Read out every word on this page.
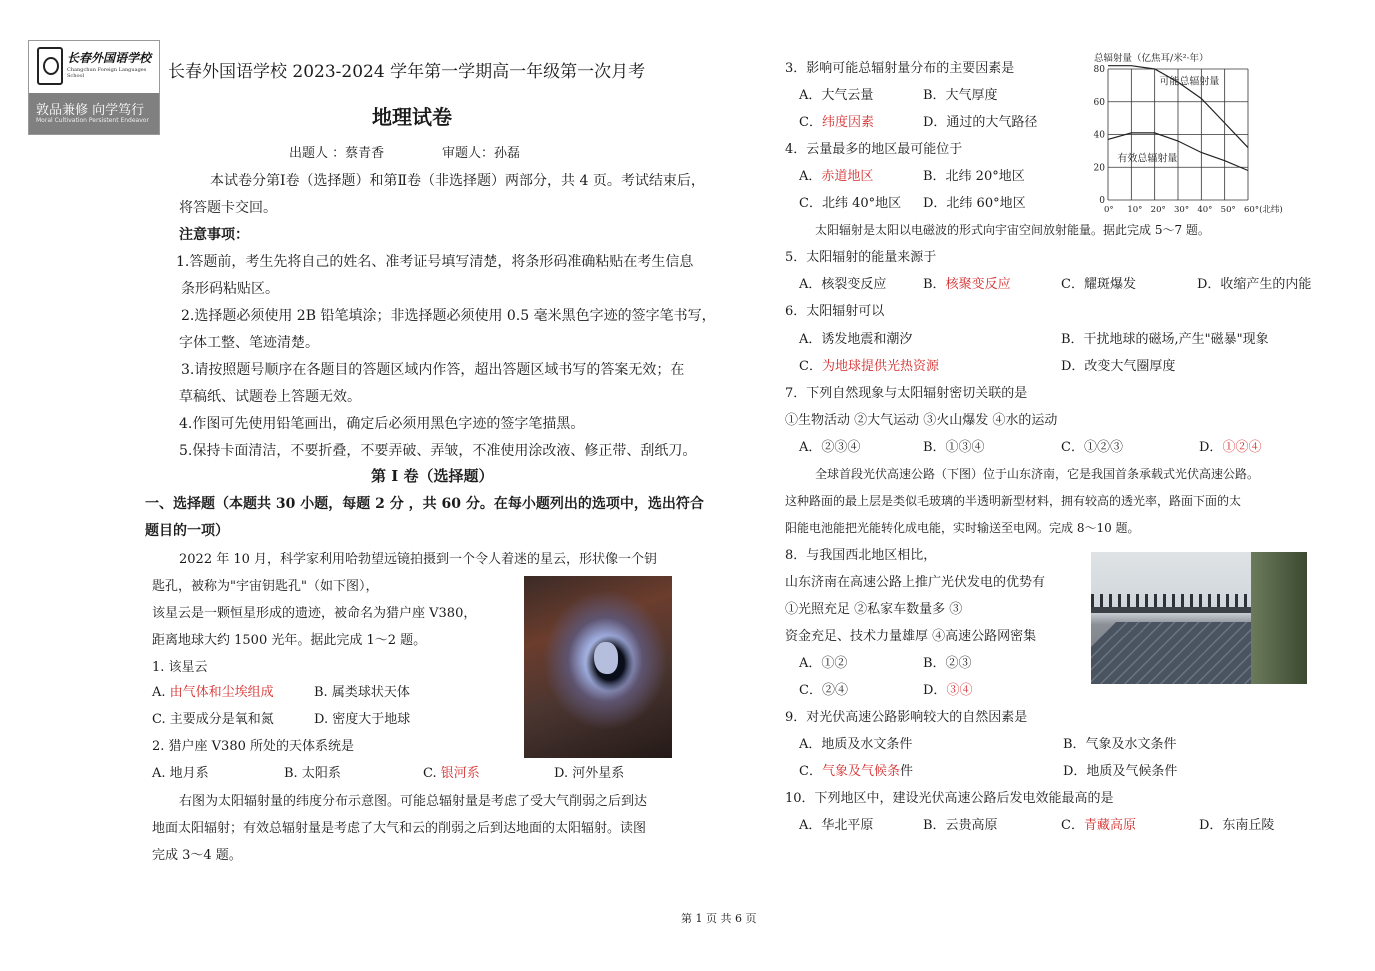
长春外国语学校
Changchun Foreign Languages School
敦品兼修 向学笃行
Moral Cultivation Persistent Endeavor
长春外国语学校 2023-2024 学年第一学期高一年级第一次月考
地理试卷
出题人 ：蔡青香              审题人：孙磊
本试卷分第Ⅰ卷（选择题）和第Ⅱ卷（非选择题）两部分，共 4 页。考试结束后，
将答题卡交回。
注意事项：
1.答题前，考生先将自己的姓名、准考证号填写清楚，将条形码准确粘贴在考生信息
条形码粘贴区。
2.选择题必须使用 2B 铅笔填涂；非选择题必须使用 0.5 毫米黑色字迹的签字笔书写，
字体工整、笔迹清楚。
3.请按照题号顺序在各题目的答题区域内作答，超出答题区域书写的答案无效；在
草稿纸、试题卷上答题无效。
4.作图可先使用铅笔画出，确定后必须用黑色字迹的签字笔描黑。
5.保持卡面清洁，不要折叠，不要弄破、弄皱，不准使用涂改液、修正带、刮纸刀。
第 I 卷（选择题）
一、选择题（本题共 30 小题，每题 2 分 ，共 60 分。在每小题列出的选项中，选出符合
题目的一项）
2022 年 10 月，科学家利用哈勃望远镜拍摄到一个令人着迷的星云，形状像一个钥
匙孔，被称为"宇宙钥匙孔"（如下图），
该星云是一颗恒星形成的遗迹，被命名为猎户座 V380，
距离地球大约 1500 光年。据此完成 1～2 题。
1. 该星云
A. 由气体和尘埃组成	B. 属类球状天体
C. 主要成分是氧和氮	D. 密度大于地球
2. 猎户座 V380 所处的天体系统是
A. 地月系	B. 太阳系	C. 银河系	D. 河外星系
右图为太阳辐射量的纬度分布示意图。可能总辐射量是考虑了受大气削弱之后到达
地面太阳辐射；有效总辐射量是考虑了大气和云的削弱之后到达地面的太阳辐射。读图
完成 3～4 题。
3．影响可能总辐射量分布的主要因素是
A．大气云量	B．大气厚度
C．纬度因素	D．通过的大气路径
4．云量最多的地区最可能位于
A．赤道地区	B．北纬 20°地区
C．北纬 40°地区 D．北纬 60°地区	0
20
40
60
80
0° 10° 20° 30° 40° 50° 60°(北纬)
总辐射量（亿焦耳/米²·年）
可能总辐射量
有效总辐射量
太阳辐射是太阳以电磁波的形式向宇宙空间放射能量。据此完成 5～7 题。
5．太阳辐射的能量来源于
A．核裂变反应	B．核聚变反应	C．耀斑爆发	D．收缩产生的内能
6．太阳辐射可以
A．诱发地震和潮汐	B．干扰地球的磁场,产生"磁暴"现象
C．为地球提供光热资源	D．改变大气圈厚度
7．下列自然现象与太阳辐射密切关联的是
①生物活动 ②大气运动 ③火山爆发 ④水的运动
A．②③④	B．①③④	C．①②③	D．①②④
全球首段光伏高速公路（下图）位于山东济南，它是我国首条承载式光伏高速公路。
这种路面的最上层是类似毛玻璃的半透明新型材料，拥有较高的透光率，路面下面的太
阳能电池能把光能转化成电能，实时输送至电网。完成 8～10 题。
8．与我国西北地区相比，
山东济南在高速公路上推广光伏发电的优势有
①光照充足 ②私家车数量多 ③
资金充足、技术力量雄厚 ④高速公路网密集
A．①②	B．②③
C．②④	D．③④
9．对光伏高速公路影响较大的自然因素是
A．地质及水文条件	B．气象及水文条件
C．气象及气候条件	D．地质及气候条件
10．下列地区中，建设光伏高速公路后发电效能最高的是
A．华北平原	B．云贵高原	C．青藏高原	D．东南丘陵
第 1 页 共 6 页
